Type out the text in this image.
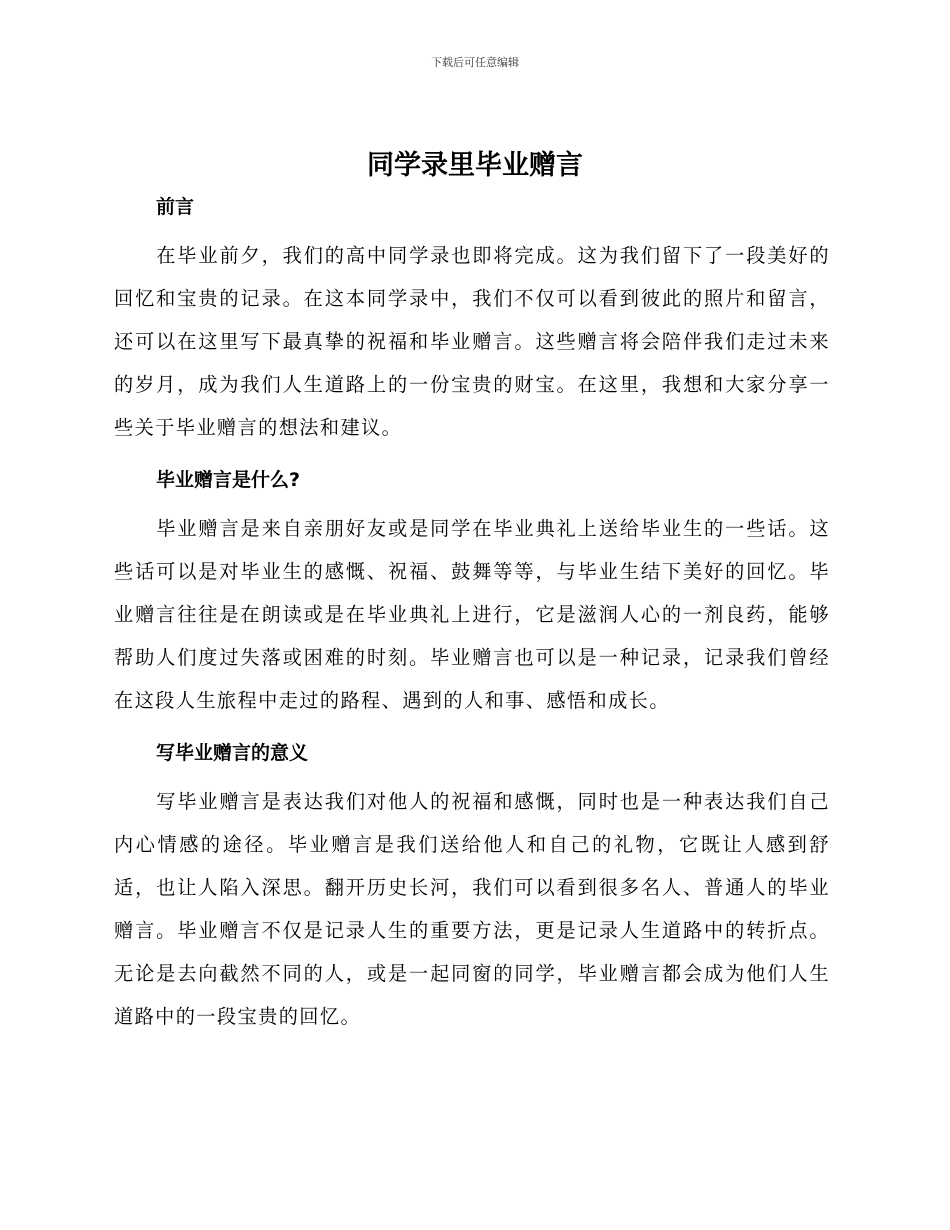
下载后可任意编辑
同学录里毕业赠言
前言

在毕业前夕，我们的高中同学录也即将完成。这为我们留下了一段美好的回忆和宝贵的记录。在这本同学录中，我们不仅可以看到彼此的照片和留言，还可以在这里写下最真挚的祝福和毕业赠言。这些赠言将会陪伴我们走过未来的岁月，成为我们人生道路上的一份宝贵的财宝。在这里，我想和大家分享一些关于毕业赠言的想法和建议。

毕业赠言是什么?

毕业赠言是来自亲朋好友或是同学在毕业典礼上送给毕业生的一些话。这些话可以是对毕业生的感慨、祝福、鼓舞等等，与毕业生结下美好的回忆。毕业赠言往往是在朗读或是在毕业典礼上进行，它是滋润人心的一剂良药，能够帮助人们度过失落或困难的时刻。毕业赠言也可以是一种记录，记录我们曾经在这段人生旅程中走过的路程、遇到的人和事、感悟和成长。

写毕业赠言的意义

写毕业赠言是表达我们对他人的祝福和感慨，同时也是一种表达我们自己内心情感的途径。毕业赠言是我们送给他人和自己的礼物，它既让人感到舒适，也让人陷入深思。翻开历史长河，我们可以看到很多名人、普通人的毕业赠言。毕业赠言不仅是记录人生的重要方法，更是记录人生道路中的转折点。无论是去向截然不同的人，或是一起同窗的同学，毕业赠言都会成为他们人生道路中的一段宝贵的回忆。
